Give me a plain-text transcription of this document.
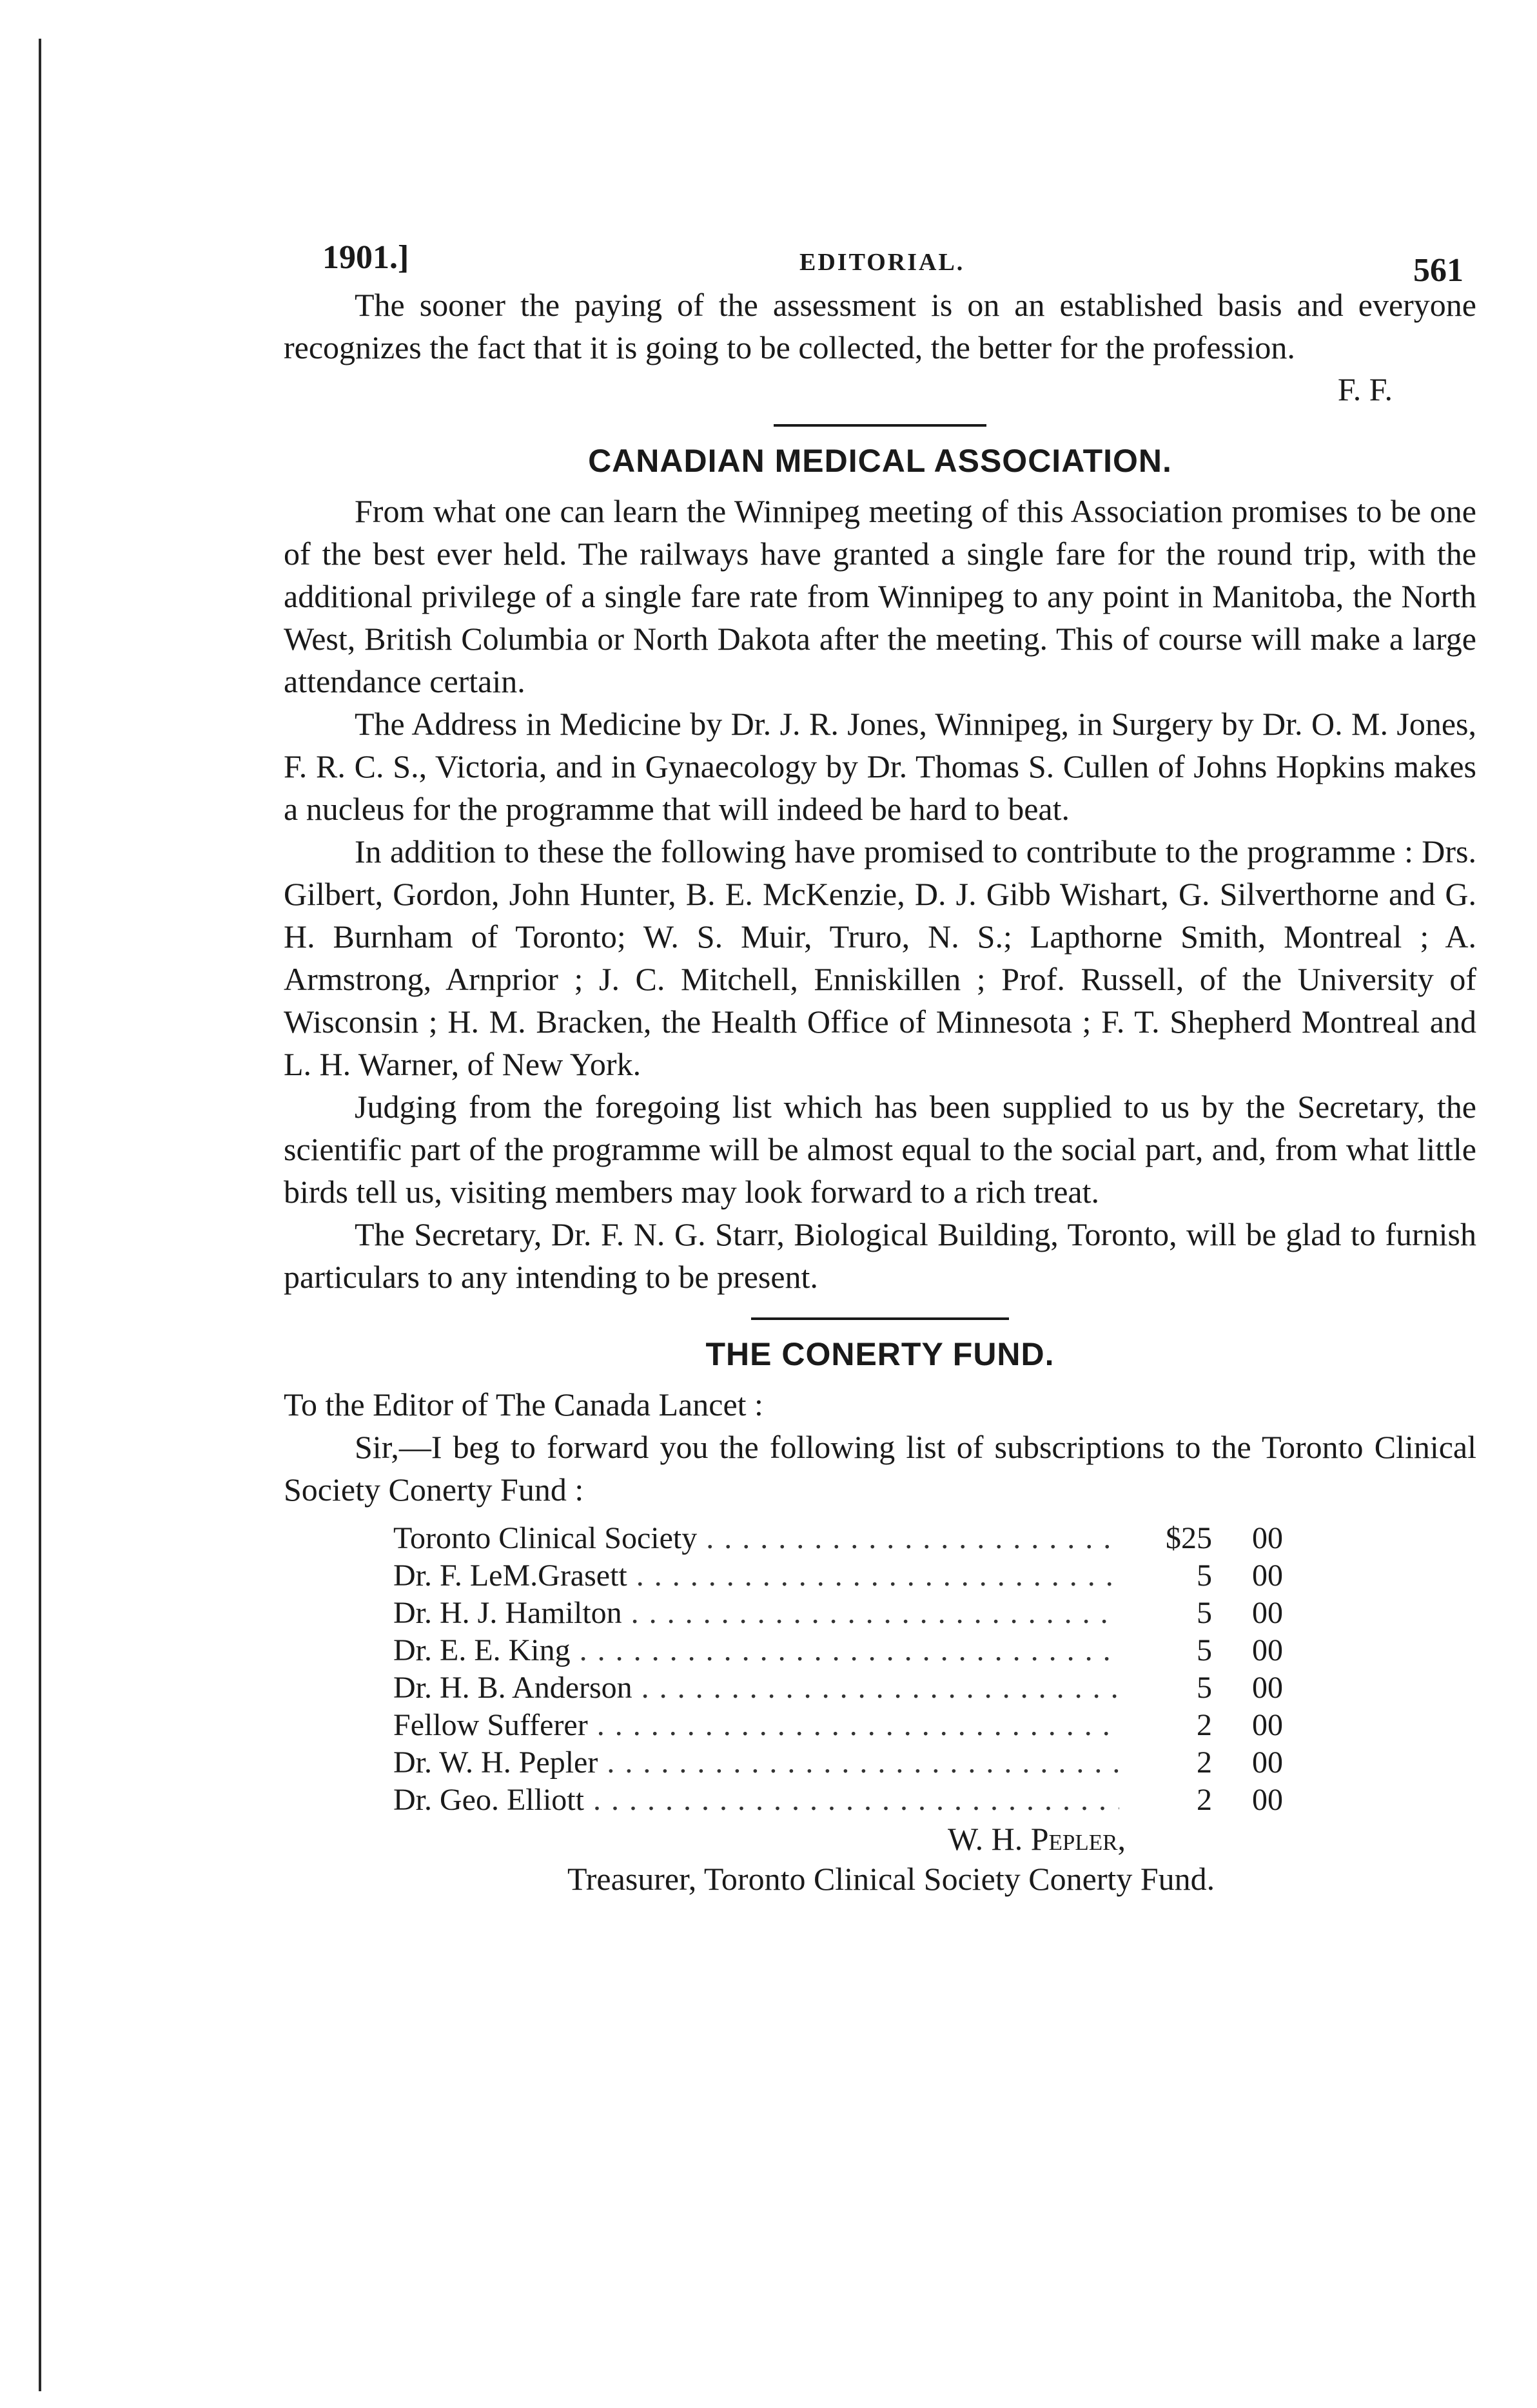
1901.]	EDITORIAL.	561

The sooner the paying of the assessment is on an established basis and everyone recognizes the fact that it is going to be collected, the better for the profession.

F. F.
CANADIAN MEDICAL ASSOCIATION.

From what one can learn the Winnipeg meeting of this Association promises to be one of the best ever held. The railways have granted a single fare for the round trip, with the additional privilege of a single fare rate from Winnipeg to any point in Manitoba, the North West, British Columbia or North Dakota after the meeting. This of course will make a large attendance certain.

The Address in Medicine by Dr. J. R. Jones, Winnipeg, in Surgery by Dr. O. M. Jones, F. R. C. S., Victoria, and in Gynaecology by Dr. Thomas S. Cullen of Johns Hopkins makes a nucleus for the programme that will indeed be hard to beat.

In addition to these the following have promised to contribute to the programme : Drs. Gilbert, Gordon, John Hunter, B. E. McKenzie, D. J. Gibb Wishart, G. Silverthorne and G. H. Burnham of Toronto; W. S. Muir, Truro, N. S.; Lapthorne Smith, Montreal ; A. Armstrong, Arnprior ; J. C. Mitchell, Enniskillen ; Prof. Russell, of the University of Wisconsin ; H. M. Bracken, the Health Office of Minnesota ; F. T. Shepherd Montreal and L. H. Warner, of New York.

Judging from the foregoing list which has been supplied to us by the Secretary, the scientific part of the programme will be almost equal to the social part, and, from what little birds tell us, visiting members may look forward to a rich treat.

The Secretary, Dr. F. N. G. Starr, Biological Building, Toronto, will be glad to furnish particulars to any intending to be present.

THE CONERTY FUND.

To the Editor of The Canada Lancet :

Sir,—I beg to forward you the following list of subscriptions to the Toronto Clinical Society Conerty Fund :

Toronto Clinical Society . . .	$25	00
Dr. F. LeM.Grasett . . .	5	00
Dr. H. J. Hamilton . . .	5	00
Dr. E. E. King . . .	5	00
Dr. H. B. Anderson . . .	5	00
Fellow Sufferer . . .	2	00
Dr. W. H. Pepler . . .	2	00
Dr. Geo. Elliott . . .	2	00
W. H. Pepler,
Treasurer, Toronto Clinical Society Conerty Fund.
